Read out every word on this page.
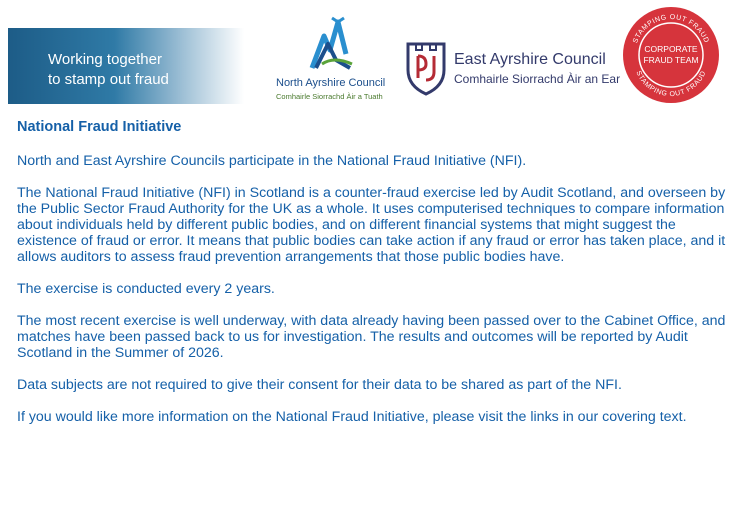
Working together
to stamp out fraud	North Ayrshire Council
Comhairle Siorrachd Àir a Tuath
East Ayrshire Council
Comhairle Siorrachd Àir an Ear
STAMPING OUT FRAUD
STAMPING OUT FRAUD
CORPORATE
FRAUD TEAM
National Fraud Initiative

North and East Ayrshire Councils participate in the National Fraud Initiative (NFI).

The National Fraud Initiative (NFI) in Scotland is a counter-fraud exercise led by Audit Scotland, and overseen by the Public Sector Fraud Authority for the UK as a whole. It uses computerised techniques to compare information about individuals held by different public bodies, and on different financial systems that might suggest the existence of fraud or error. It means that public bodies can take action if any fraud or error has taken place, and it allows auditors to assess fraud prevention arrangements that those public bodies have.

The exercise is conducted every 2 years.

The most recent exercise is well underway, with data already having been passed over to the Cabinet Office, and matches have been passed back to us for investigation. The results and outcomes will be reported by Audit Scotland in the Summer of 2026.

Data subjects are not required to give their consent for their data to be shared as part of the NFI.

If you would like more information on the National Fraud Initiative, please visit the links in our covering text.
